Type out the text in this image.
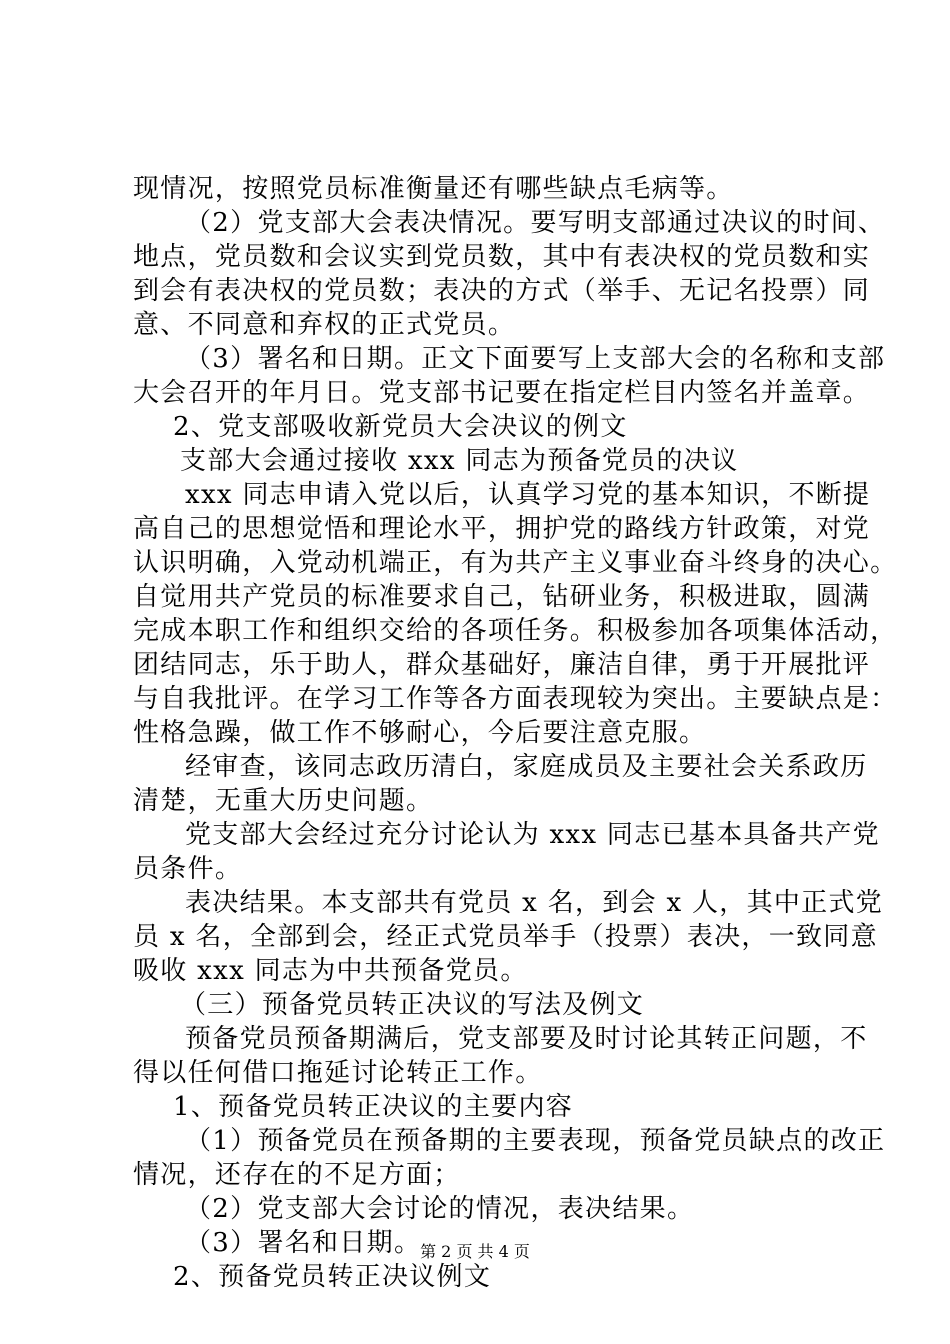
现情况，按照党员标准衡量还有哪些缺点毛病等。
（2）党支部大会表决情况。要写明支部通过决议的时间、
地点，党员数和会议实到党员数，其中有表决权的党员数和实
到会有表决权的党员数；表决的方式（举手、无记名投票）同
意、不同意和弃权的正式党员。
（3）署名和日期。正文下面要写上支部大会的名称和支部
大会召开的年月日。党支部书记要在指定栏目内签名并盖章。
2、党支部吸收新党员大会决议的例文
支部大会通过接收 xxx 同志为预备党员的决议
xxx 同志申请入党以后，认真学习党的基本知识，不断提
高自己的思想觉悟和理论水平，拥护党的路线方针政策，对党
认识明确，入党动机端正，有为共产主义事业奋斗终身的决心。
自觉用共产党员的标准要求自己，钻研业务，积极进取，圆满
完成本职工作和组织交给的各项任务。积极参加各项集体活动，
团结同志，乐于助人，群众基础好，廉洁自律，勇于开展批评
与自我批评。在学习工作等各方面表现较为突出。主要缺点是：
性格急躁，做工作不够耐心，今后要注意克服。
经审查，该同志政历清白，家庭成员及主要社会关系政历
清楚，无重大历史问题。
党支部大会经过充分讨论认为 xxx 同志已基本具备共产党
员条件。
表决结果。本支部共有党员 x 名，到会 x 人，其中正式党
员 x 名，全部到会，经正式党员举手（投票）表决，一致同意
吸收 xxx 同志为中共预备党员。
（三）预备党员转正决议的写法及例文
预备党员预备期满后，党支部要及时讨论其转正问题，不
得以任何借口拖延讨论转正工作。
1、预备党员转正决议的主要内容
（1）预备党员在预备期的主要表现，预备党员缺点的改正
情况，还存在的不足方面；
（2）党支部大会讨论的情况，表决结果。
（3）署名和日期。
2、预备党员转正决议例文
第 2 页 共 4 页
